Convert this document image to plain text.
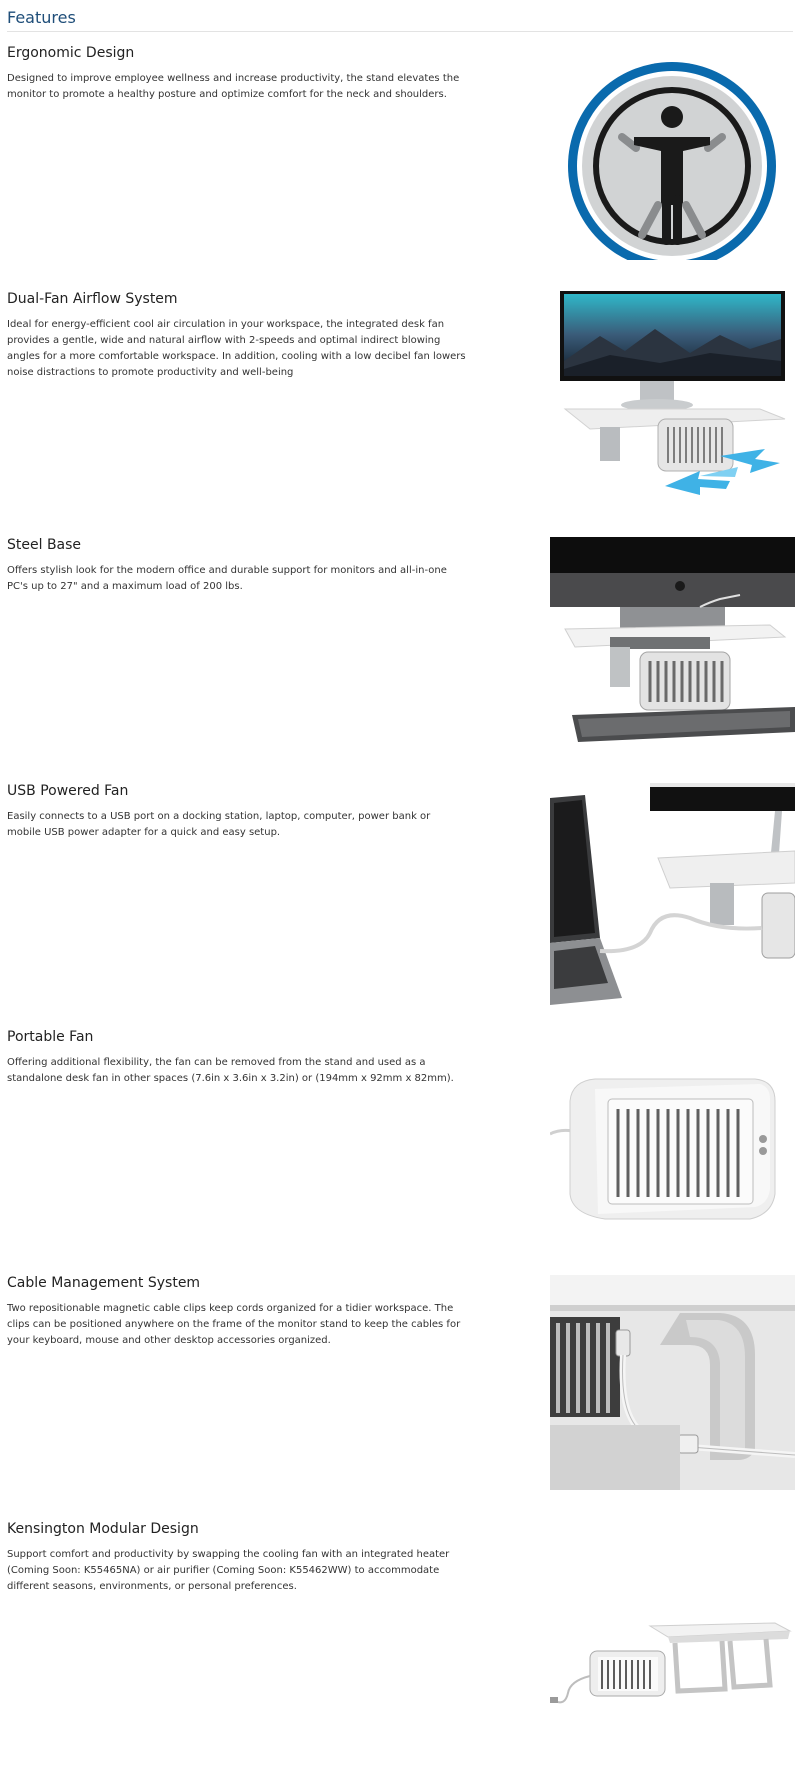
Features
Ergonomic Design

Designed to improve employee wellness and increase productivity, the stand elevates the monitor to promote a healthy posture and optimize comfort for the neck and shoulders.

Dual-Fan Airflow System

Ideal for energy-efficient cool air circulation in your workspace, the integrated desk fan provides a gentle, wide and natural airflow with 2-speeds and optimal indirect blowing angles for a more comfortable workspace. In addition, cooling with a low decibel fan lowers noise distractions to promote productivity and well-being

Steel Base

Offers stylish look for the modern office and durable support for monitors and all-in-one PC's up to 27" and a maximum load of 200 lbs.

USB Powered Fan

Easily connects to a USB port on a docking station, laptop, computer, power bank or mobile USB power adapter for a quick and easy setup.

Portable Fan

Offering additional flexibility, the fan can be removed from the stand and used as a standalone desk fan in other spaces (7.6in x 3.6in x 3.2in) or (194mm x 92mm x 82mm).

Cable Management System

Two repositionable magnetic cable clips keep cords organized for a tidier workspace. The clips can be positioned anywhere on the frame of the monitor stand to keep the cables for your keyboard, mouse and other desktop accessories organized.

Kensington Modular Design

Support comfort and productivity by swapping the cooling fan with an integrated heater (Coming Soon: K55465NA) or air purifier (Coming Soon: K55462WW) to accommodate different seasons, environments, or personal preferences.
